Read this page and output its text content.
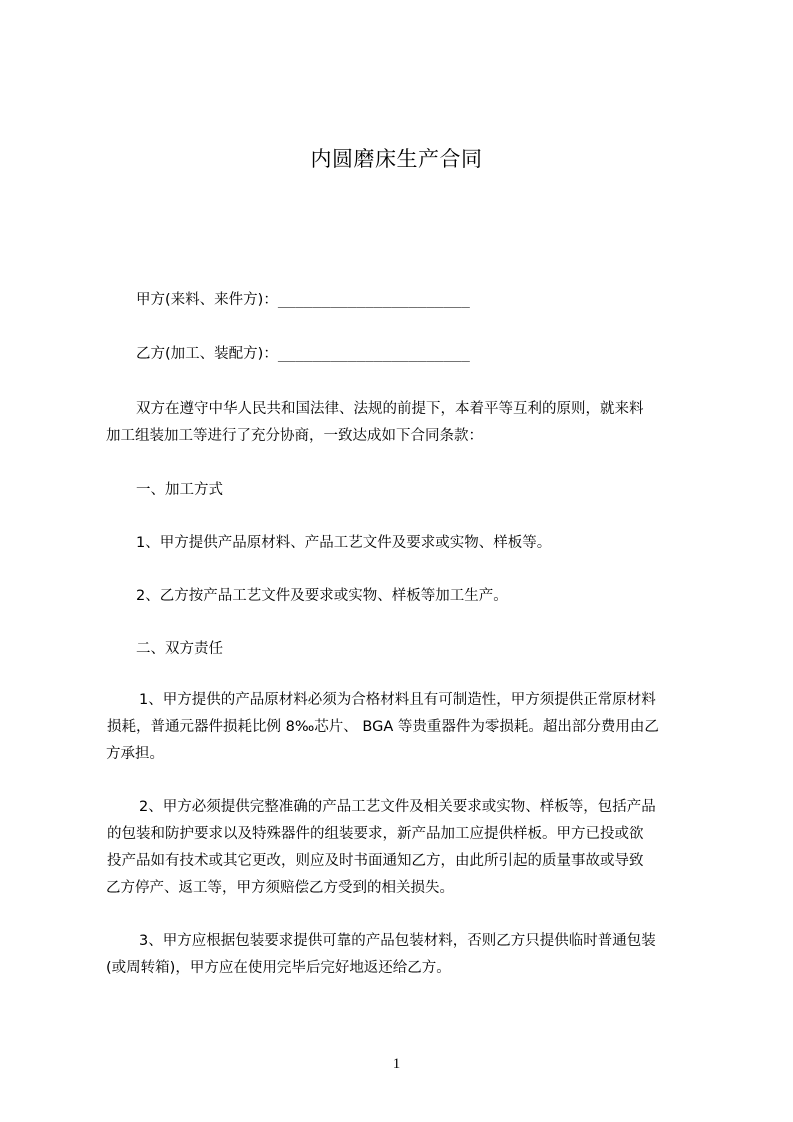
内圆磨床生产合同
甲方(来料、来件方)：______________________
乙方(加工、装配方)：______________________
双方在遵守中华人民共和国法律、法规的前提下，本着平等互利的原则，就来料
加工组装加工等进行了充分协商，一致达成如下合同条款：
一、加工方式
1、甲方提供产品原材料、产品工艺文件及要求或实物、样板等。
2、乙方按产品工艺文件及要求或实物、样板等加工生产。
二、双方责任
1、甲方提供的产品原材料必须为合格材料且有可制造性，甲方须提供正常原材料
损耗，普通元器件损耗比例 8‰芯片、 BGA 等贵重器件为零损耗。超出部分费用由乙
方承担。
2、甲方必须提供完整准确的产品工艺文件及相关要求或实物、样板等，包括产品
的包装和防护要求以及特殊器件的组装要求，新产品加工应提供样板。甲方已投或欲
投产品如有技术或其它更改，则应及时书面通知乙方，由此所引起的质量事故或导致
乙方停产、返工等，甲方须赔偿乙方受到的相关损失。
3、甲方应根据包装要求提供可靠的产品包装材料，否则乙方只提供临时普通包装
(或周转箱)，甲方应在使用完毕后完好地返还给乙方。
1
